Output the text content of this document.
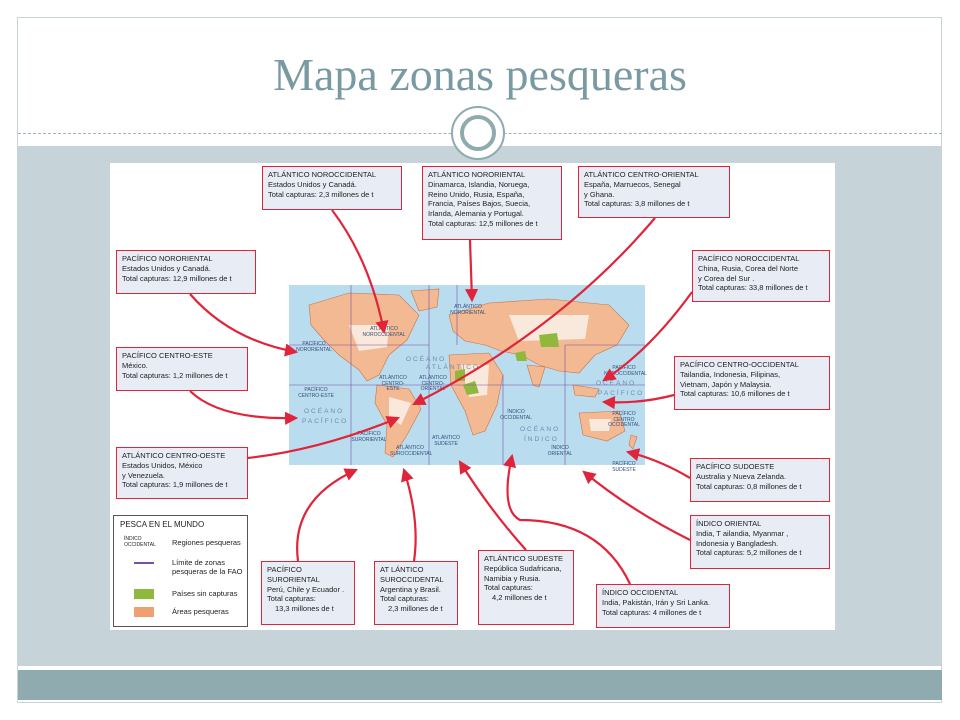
Mapa zonas pesqueras
ATLÁNTICO NORORIENTAL
ATLÁNTICO NOROCCIDENTAL
PACÍFICO NORORIENTAL
PACÍFICO CENTRO-ESTE
ATLÁNTICO CENTRO-ESTE
ATLÁNTICO CENTRO-ORIENTAL
PACÍFICO SURORIENTAL
ATLÁNTICO SUROCCIDENTAL
ATLÁNTICO SUDESTE
ÍNDICO OCCIDENTAL
ÍNDICO ORIENTAL
PACÍFICO NOROCCIDENTAL
PACÍFICO CENTRO OCCIDENTAL
PACÍFICO SUDESTE
OCÉANO
ATLÁNTICO
OCÉANO
PACÍFICO
OCÉANO
ÍNDICO
OCÉANO
PACÍFICO
ATLÁNTICO NOROCCIDENTAL
Estados Unidos y Canadá.
Total capturas: 2,3 millones de t
ATLÁNTICO NORORIENTAL
Dinamarca, Islandia, Noruega,
Reino Unido, Rusia, España,
Francia, Países Bajos, Suecia,
Irlanda, Alemania y Portugal.
Total capturas: 12,5 millones de t
ATLÁNTICO CENTRO-ORIENTAL
España, Marruecos, Senegal
y Ghana.
Total capturas: 3,8 millones de t
PACÍFICO NORORIENTAL
Estados Unidos y Canadá.
Total capturas: 12,9 millones de t
PACÍFICO NOROCCIDENTAL
China, Rusia, Corea del Norte
y Corea del Sur .
Total capturas: 33,8 millones de t
PACÍFICO CENTRO-ESTE
México.
Total capturas: 1,2 millones de t
PACÍFICO CENTRO-OCCIDENTAL
Tailandia, Indonesia, Filipinas,
Vietnam, Japón y Malaysia.
Total capturas: 10,6 millones de t
ATLÁNTICO CENTRO-OESTE
Estados Unidos, México
y Venezuela.
Total capturas: 1,9 millones de t
PACÍFICO SUDOESTE
Australia y Nueva Zelanda.
Total capturas: 0,8 millones de t
ÍNDICO ORIENTAL
India, T ailandia, Myanmar ,
Indonesia y Bangladesh.
Total capturas: 5,2 millones de t
PACÍFICO SURORIENTAL
Perú, Chile y Ecuador .
Total capturas:
13,3 millones de t
AT LÁNTICO SUROCCIDENTAL
Argentina y Brasil.
Total capturas:
2,3 millones de t
ATLÁNTICO SUDESTE
República Sudafricana,
Namibia y Rusia.
Total capturas:
4,2 millones de t
ÍNDICO OCCIDENTAL
India, Pakistán, Irán y Sri Lanka.
Total capturas: 4 millones de t
PESCA EN EL MUNDO
ÍNDICO OCCIDENTAL	Regiones pesqueras
Límite de zonas pesqueras de la FAO
Países sin capturas
Áreas pesqueras
